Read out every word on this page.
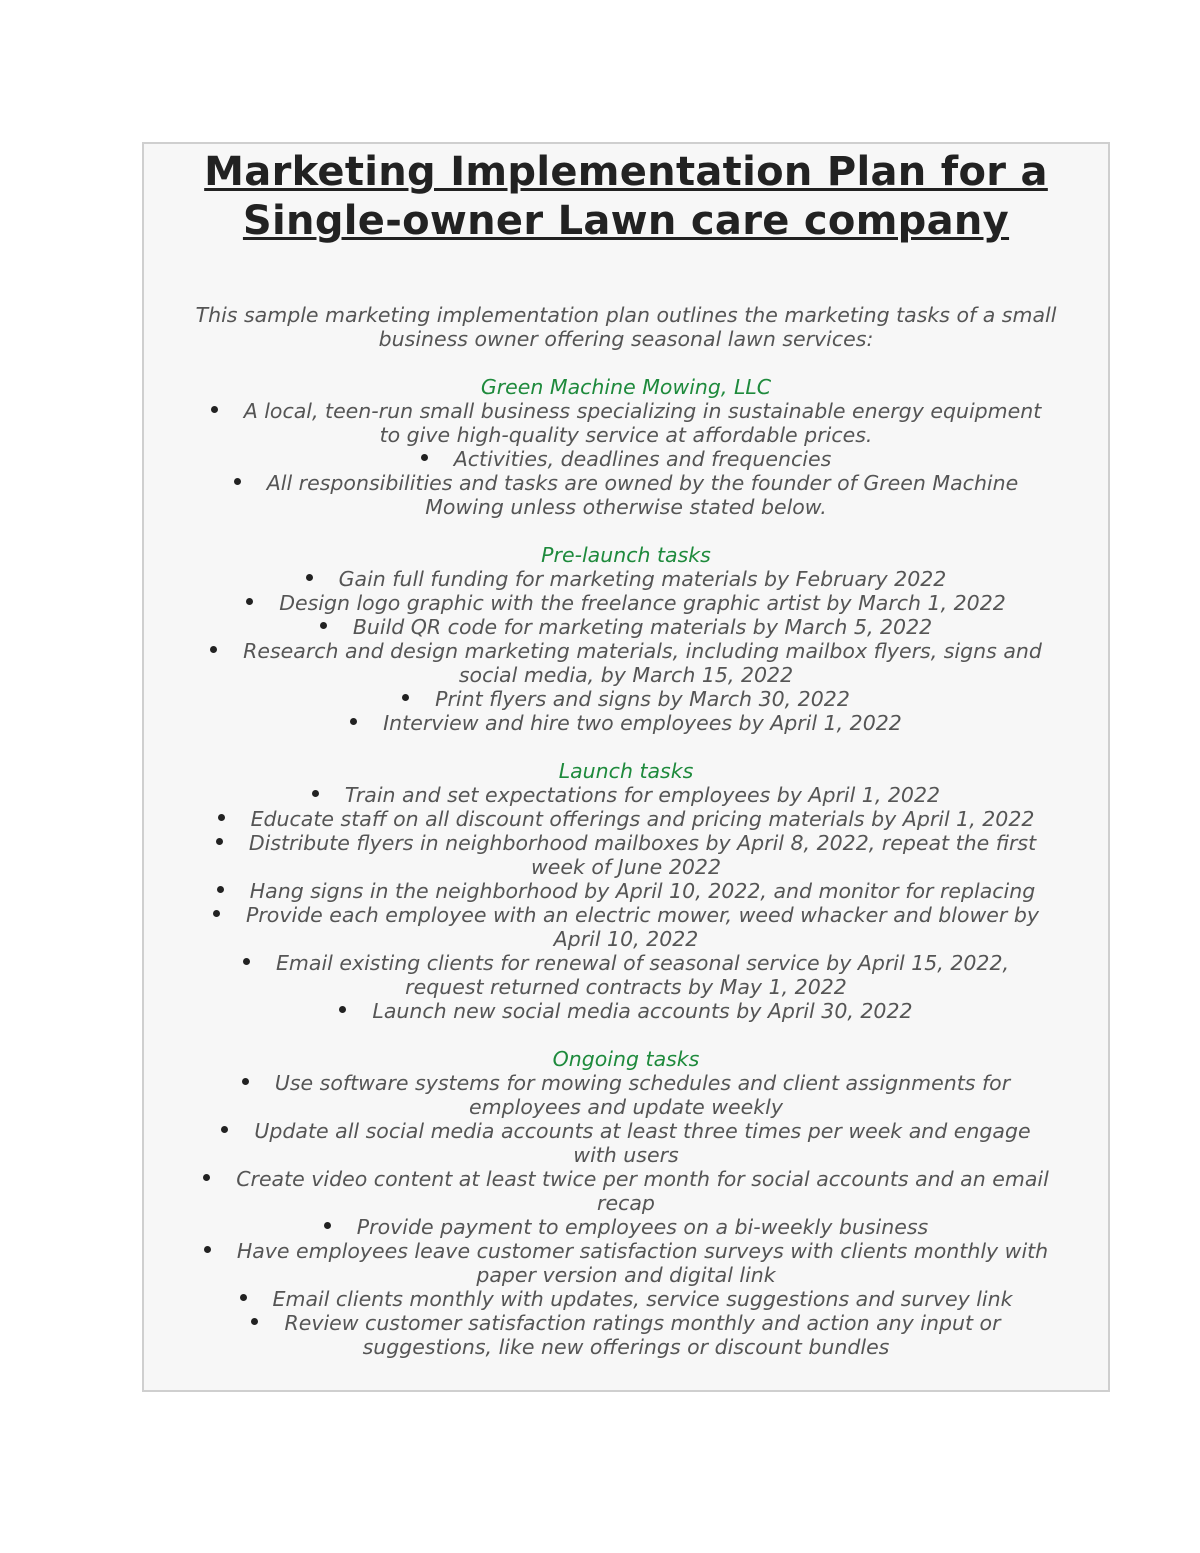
Marketing Implementation Plan for a
Single-owner Lawn care company

This sample marketing implementation plan outlines the marketing tasks of a small business owner offering seasonal lawn services:

Green Machine Mowing, LLC
A local, teen-run small business specializing in sustainable energy equipment to give high-quality service at affordable prices.
Activities, deadlines and frequencies
All responsibilities and tasks are owned by the founder of Green Machine Mowing unless otherwise stated below.
Pre-launch tasks
Gain full funding for marketing materials by February 2022
Design logo graphic with the freelance graphic artist by March 1, 2022
Build QR code for marketing materials by March 5, 2022
Research and design marketing materials, including mailbox flyers, signs and social media, by March 15, 2022
Print flyers and signs by March 30, 2022
Interview and hire two employees by April 1, 2022
Launch tasks
Train and set expectations for employees by April 1, 2022
Educate staff on all discount offerings and pricing materials by April 1, 2022
Distribute flyers in neighborhood mailboxes by April 8, 2022, repeat the first week of June 2022
Hang signs in the neighborhood by April 10, 2022, and monitor for replacing
Provide each employee with an electric mower, weed whacker and blower by April 10, 2022
Email existing clients for renewal of seasonal service by April 15, 2022, request returned contracts by May 1, 2022
Launch new social media accounts by April 30, 2022
Ongoing tasks
Use software systems for mowing schedules and client assignments for employees and update weekly
Update all social media accounts at least three times per week and engage with users
Create video content at least twice per month for social accounts and an email recap
Provide payment to employees on a bi-weekly business
Have employees leave customer satisfaction surveys with clients monthly with paper version and digital link
Email clients monthly with updates, service suggestions and survey link
Review customer satisfaction ratings monthly and action any input or suggestions, like new offerings or discount bundles
